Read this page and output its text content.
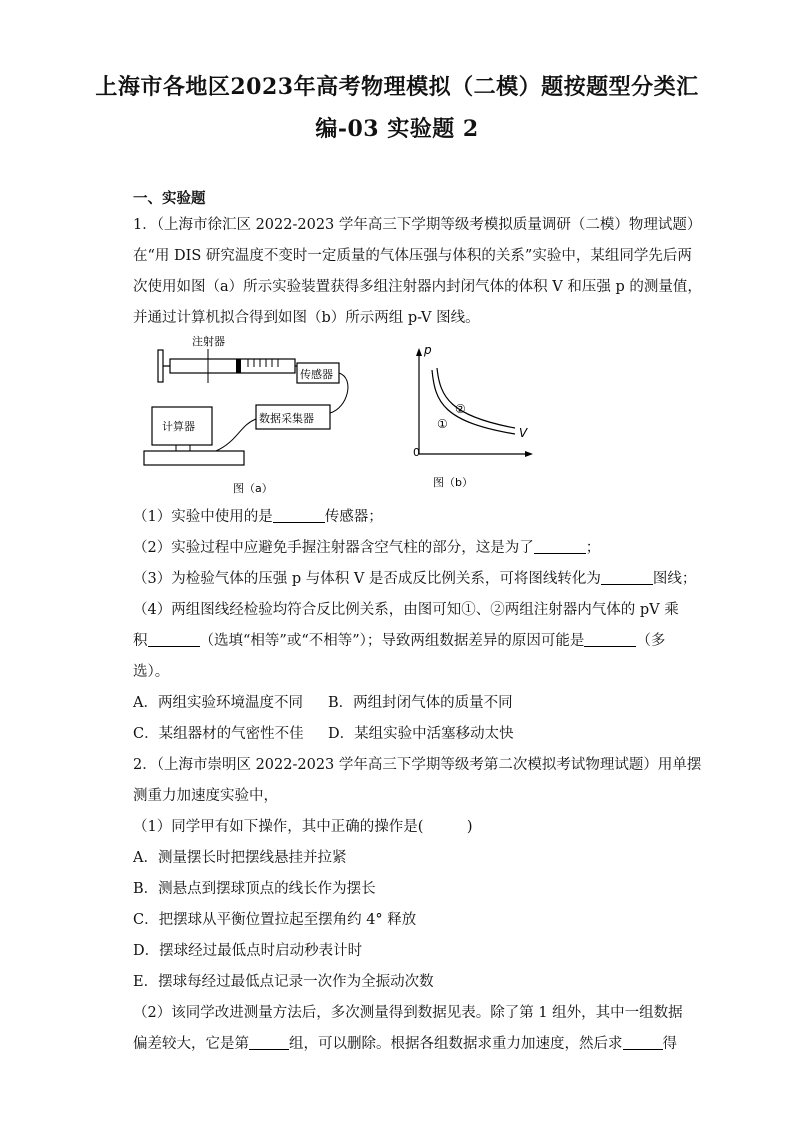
上海市各地区2023年高考物理模拟（二模）题按题型分类汇
编-03 实验题 2
一、实验题
1．（上海市徐汇区 2022-2023 学年高三下学期等级考模拟质量调研（二模）物理试题）
在“用 DIS 研究温度不变时一定质量的气体压强与体积的关系”实验中，某组同学先后两
次使用如图（a）所示实验装置获得多组注射器内封闭气体的体积 V 和压强 p 的测量值，
并通过计算机拟合得到如图（b）所示两组 p-V 图线。
注射器
传感器
数据采集器
计算器
图（a）
p
V
0
①
②
图（b）
（1）实验中使用的是	传感器；
（2）实验过程中应避免手握注射器含空气柱的部分，这是为了	；
（3）为检验气体的压强 p 与体积 V 是否成反比例关系，可将图线转化为	图线；
（4）两组图线经检验均符合反比例关系，由图可知①、②两组注射器内气体的 pV 乘
积	（选填“相等”或“不相等”）；导致两组数据差异的原因可能是	（多
选）。
A．两组实验环境温度不同 B．两组封闭气体的质量不同
C．某组器材的气密性不佳 D．某组实验中活塞移动太快
2．（上海市崇明区 2022-2023 学年高三下学期等级考第二次模拟考试物理试题）用单摆
测重力加速度实验中，
（1）同学甲有如下操作，其中正确的操作是(　　　)
A．测量摆长时把摆线悬挂并拉紧
B．测悬点到摆球顶点的线长作为摆长
C．把摆球从平衡位置拉起至摆角约 4° 释放
D．摆球经过最低点时启动秒表计时
E．摆球每经过最低点记录一次作为全振动次数
（2）该同学改进测量方法后，多次测量得到数据见表。除了第 1 组外，其中一组数据
偏差较大，它是第	组，可以删除。根据各组数据求重力加速度，然后求	得
